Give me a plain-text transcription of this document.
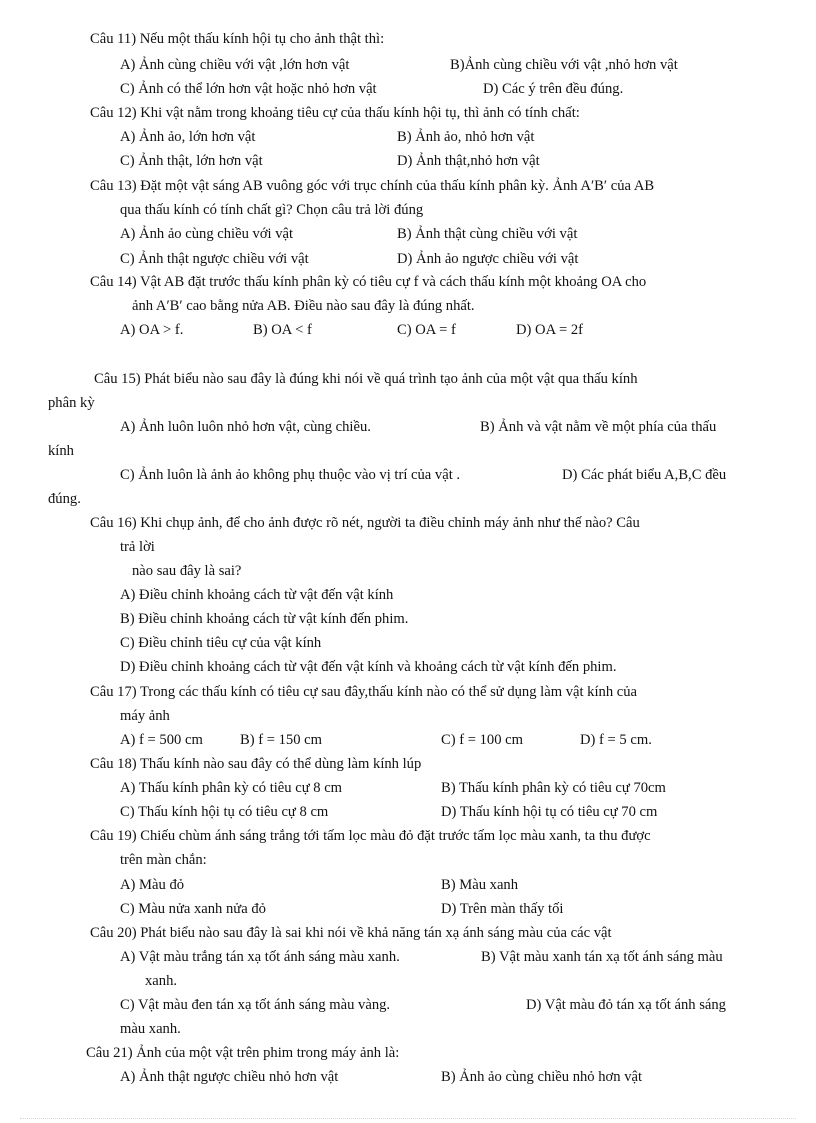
Câu 11) Nếu một thấu kính hội tụ cho ảnh thật thì:
A) Ảnh cùng chiều với vật ,lớn hơn vật	B)Ảnh cùng chiều với vật ,nhỏ hơn vật
C) Ảnh có thể lớn hơn vật hoặc nhỏ hơn vật	D) Các ý trên đều đúng.
Câu 12) Khi vật nằm trong khoảng tiêu cự của thấu kính hội tụ, thì ảnh có tính chất:
A) Ảnh ảo, lớn hơn vật	B) Ảnh ảo, nhỏ hơn vật
C) Ảnh thật, lớn hơn vật	D) Ảnh thật,nhỏ hơn vật
Câu 13) Đặt một vật sáng AB vuông góc với trục chính của thấu kính phân kỳ. Ảnh A′B′ của AB
qua thấu kính có tính chất gì? Chọn câu trả lời đúng
A) Ảnh ảo cùng chiều với vật	B) Ảnh thật cùng chiều với vật
C) Ảnh thật ngược chiều với vật	D) Ảnh ảo ngược chiều với vật
Câu 14) Vật AB đặt trước thấu kính phân kỳ có tiêu cự f và cách thấu kính một khoảng OA cho
ảnh A′B′ cao bằng nửa AB. Điều nào sau đây là đúng nhất.
A) OA > f.	B) OA < f	C) OA = f	D) OA = 2f
Câu 15) Phát biểu nào sau đây là đúng khi nói về quá trình tạo ảnh của một vật qua thấu kính
phân kỳ
A) Ảnh luôn luôn nhỏ hơn vật, cùng chiều.	B) Ảnh và vật nằm về một phía của thấu
kính
C) Ảnh luôn là ảnh ảo không phụ thuộc vào vị trí của vật .	D) Các phát biểu A,B,C đều
đúng.
Câu 16) Khi chụp ảnh, để cho ảnh được rõ nét, người ta điều chỉnh máy ảnh như thế nào? Câu
trả lời
nào sau đây là sai?
A) Điều chỉnh khoảng cách từ vật đến vật kính
B) Điều chỉnh khoảng cách từ vật kính đến phim.
C) Điều chỉnh tiêu cự của vật kính
D) Điều chỉnh khoảng cách từ vật đến vật kính và khoảng cách từ vật kính đến phim.
Câu 17) Trong các thấu kính có tiêu cự sau đây,thấu kính nào có thể sử dụng làm vật kính của
máy ảnh
A) f = 500 cm	B) f = 150 cm	C) f = 100 cm	D) f = 5 cm.
Câu 18) Thấu kính nào sau đây có thể dùng làm kính lúp
A) Thấu kính phân kỳ có tiêu cự 8 cm	B) Thấu kính phân kỳ có tiêu cự 70cm
C) Thấu kính hội tụ có tiêu cự 8 cm	D) Thấu kính hội tụ có tiêu cự 70 cm
Câu 19) Chiếu chùm ánh sáng trắng tới tấm lọc màu đỏ đặt trước tấm lọc màu xanh, ta thu được
trên màn chắn:
A) Màu đỏ	B) Màu xanh
C) Màu nửa xanh nửa đỏ	D) Trên màn thấy tối
Câu 20) Phát biểu nào sau đây là sai khi nói về khả năng tán xạ ánh sáng màu của các vật
A) Vật màu trắng tán xạ tốt ánh sáng màu xanh.	B) Vật màu xanh tán xạ tốt ánh sáng màu
xanh.
C) Vật màu đen tán xạ tốt ánh sáng màu vàng.	D) Vật màu đỏ tán xạ tốt ánh sáng
màu xanh.
Câu 21) Ảnh của một vật trên phim trong máy ảnh là:
A) Ảnh thật ngược chiều nhỏ hơn vật	B) Ảnh ảo cùng chiều nhỏ hơn vật
